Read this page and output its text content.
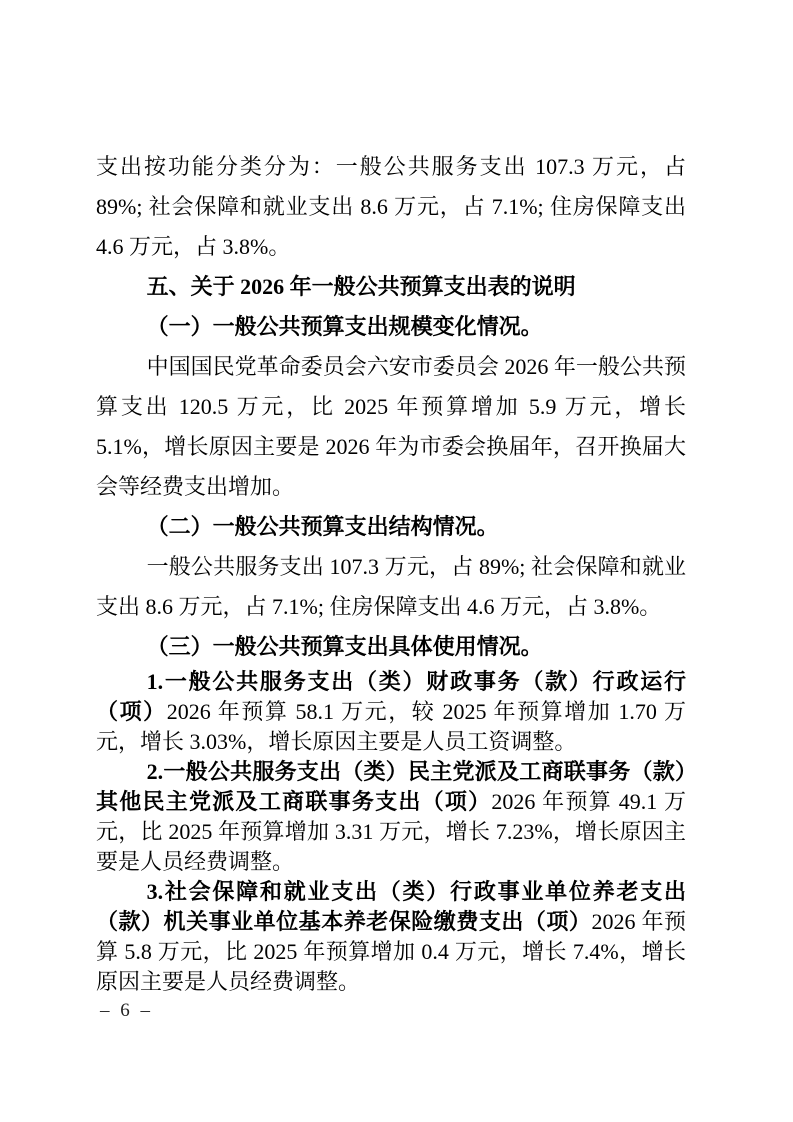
支出按功能分类分为：一般公共服务支出 107.3 万元，占 89%; 社会保障和就业支出 8.6 万元，占 7.1%; 住房保障支出 4.6 万元，占 3.8%。

五、关于 2026 年一般公共预算支出表的说明

（一）一般公共预算支出规模变化情况。

中国国民党革命委员会六安市委员会 2026 年一般公共预算支出 120.5 万元，比 2025 年预算增加 5.9 万元，增长 5.1%，增长原因主要是 2026 年为市委会换届年，召开换届大会等经费支出增加。

（二）一般公共预算支出结构情况。

一般公共服务支出 107.3 万元，占 89%; 社会保障和就业支出 8.6 万元，占 7.1%; 住房保障支出 4.6 万元，占 3.8%。

（三）一般公共预算支出具体使用情况。

1.一般公共服务支出（类）财政事务（款）行政运行（项）2026 年预算 58.1 万元，较 2025 年预算增加 1.70 万元，增长 3.03%，增长原因主要是人员工资调整。

2.一般公共服务支出（类）民主党派及工商联事务（款）其他民主党派及工商联事务支出（项）2026 年预算 49.1 万元，比 2025 年预算增加 3.31 万元，增长 7.23%，增长原因主要是人员经费调整。

3.社会保障和就业支出（类）行政事业单位养老支出（款）机关事业单位基本养老保险缴费支出（项）2026 年预算 5.8 万元，比 2025 年预算增加 0.4 万元，增长 7.4%，增长原因主要是人员经费调整。

– 6 –
